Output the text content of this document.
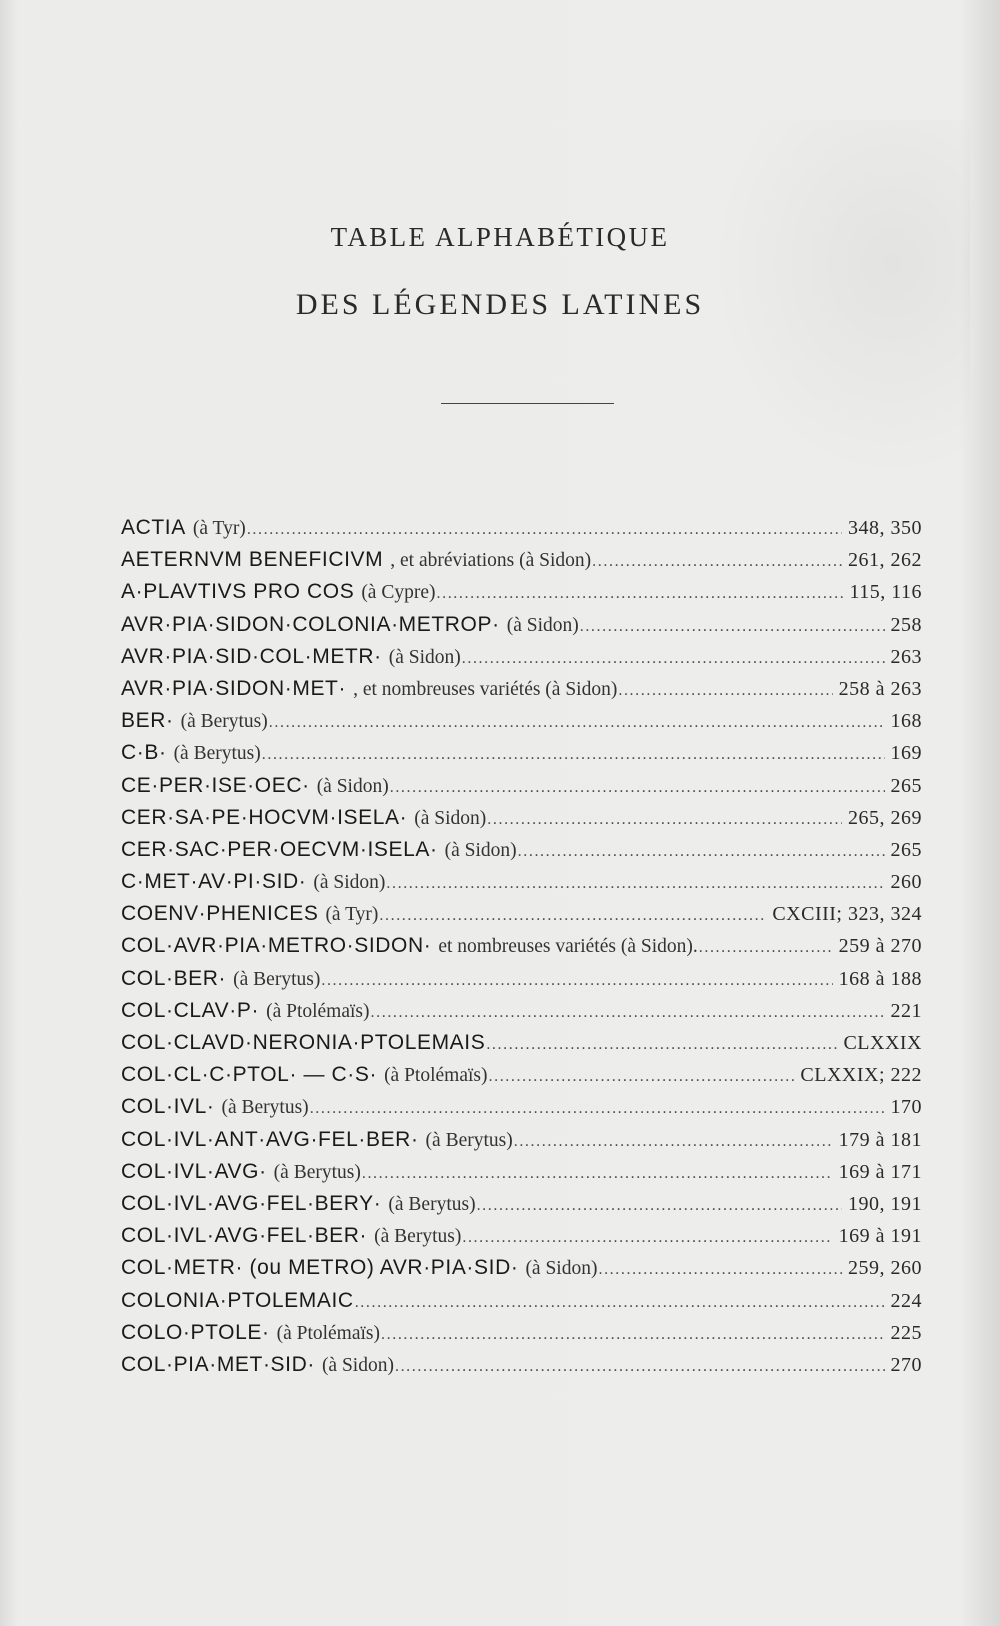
TABLE ALPHABÉTIQUE
DES LÉGENDES LATINES
ACTIA (à Tyr) .....	348, 350
AETERNVM BENEFICIVM , et abréviations (à Sidon) .....	261, 262
A·PLAVTIVS PRO COS (à Cypre) .....	115, 116
AVR·PIA·SIDON·COLONIA·METROP· (à Sidon) .....	258
AVR·PIA·SID·COL·METR· (à Sidon) .....	263
AVR·PIA·SIDON·MET· , et nombreuses variétés (à Sidon) .....	258 à 263
BER· (à Berytus) .....	168
C·B· (à Berytus) .....	169
CE·PER·ISE·OEC· (à Sidon) .....	265
CER·SA·PE·HOCVM·ISELA· (à Sidon) .....	265, 269
CER·SAC·PER·OECVM·ISELA· (à Sidon) .....	265
C·MET·AV·PI·SID· (à Sidon) .....	260
COENV·PHENICES (à Tyr) .....	CXCIII; 323, 324
COL·AVR·PIA·METRO·SIDON· et nombreuses variétés (à Sidon). .....	259 à 270
COL·BER· (à Berytus) .....	168 à 188
COL·CLAV·P· (à Ptolémaïs) .....	221
COL·CLAVD·NERONIA·PTOLEMAIS .....	CLXXIX
COL·CL·C·PTOL· — C·S· (à Ptolémaïs) .....	CLXXIX; 222
COL·IVL· (à Berytus) .....	170
COL·IVL·ANT·AVG·FEL·BER· (à Berytus) .....	179 à 181
COL·IVL·AVG· (à Berytus) .....	169 à 171
COL·IVL·AVG·FEL·BERY· (à Berytus) .....	190, 191
COL·IVL·AVG·FEL·BER· (à Berytus) .....	169 à 191
COL·METR· (ou METRO) AVR·PIA·SID· (à Sidon) .....	259, 260
COLONIA·PTOLEMAIC .....	224
COLO·PTOLE· (à Ptolémaïs) .....	225
COL·PIA·MET·SID· (à Sidon) .....	270
